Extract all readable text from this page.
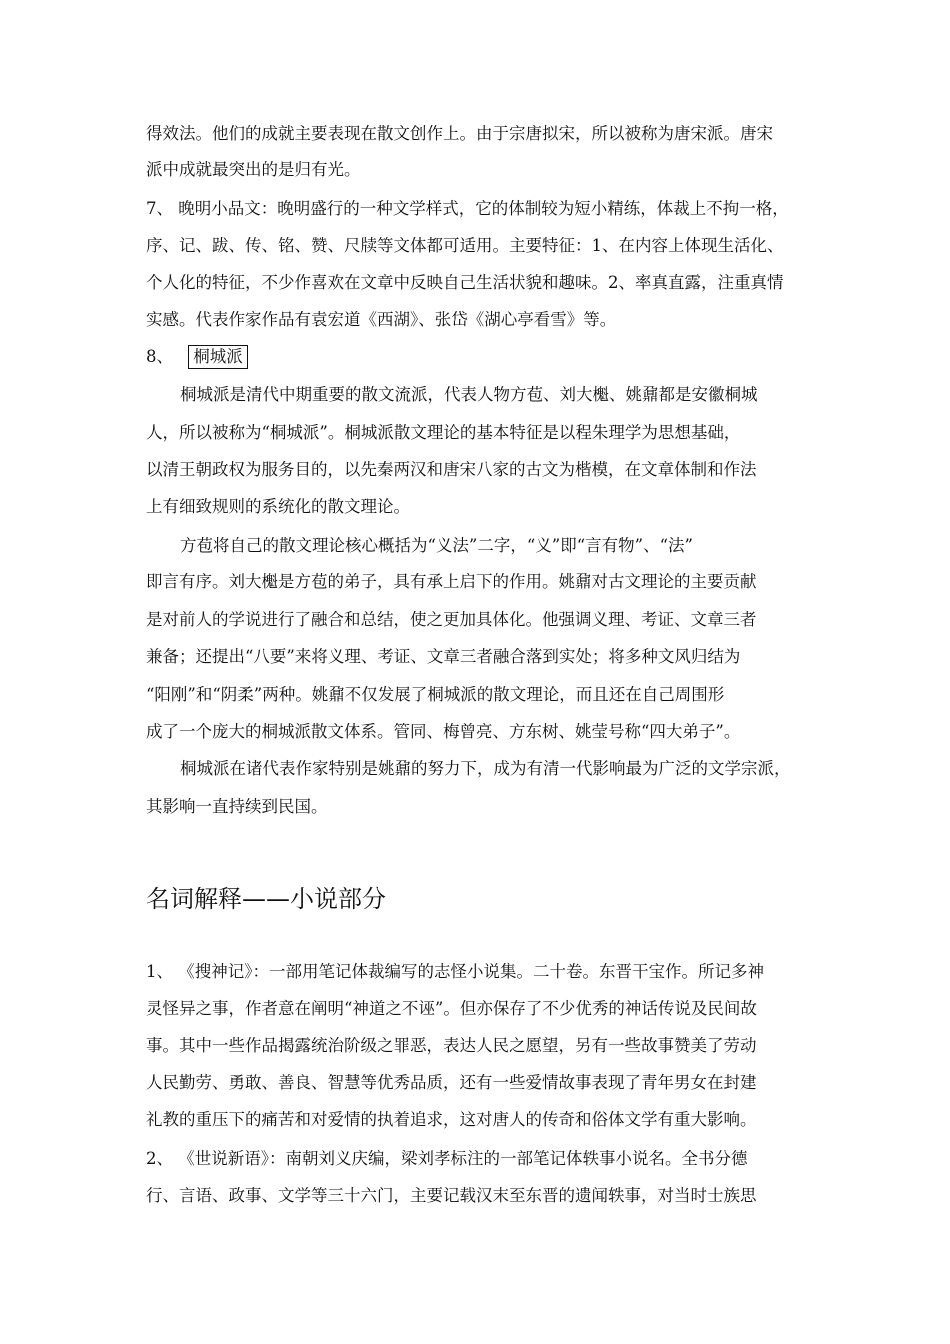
得效法。他们的成就主要表现在散文创作上。由于宗唐拟宋，所以被称为唐宋派。唐宋
派中成就最突出的是归有光。
7、 晚明小品文：晚明盛行的一种文学样式，它的体制较为短小精练，体裁上不拘一格，
序、记、跋、传、铭、赞、尺牍等文体都可适用。主要特征：1、在内容上体现生活化、
个人化的特征，不少作喜欢在文章中反映自己生活状貌和趣味。2、率真直露，注重真情
实感。代表作家作品有袁宏道《西湖》、张岱《湖心亭看雪》等。
8、 桐城派
桐城派是清代中期重要的散文流派，代表人物方苞、刘大櫆、姚鼐都是安徽桐城
人，所以被称为“桐城派”。桐城派散文理论的基本特征是以程朱理学为思想基础，
以清王朝政权为服务目的，以先秦两汉和唐宋八家的古文为楷模，在文章体制和作法
上有细致规则的系统化的散文理论。
方苞将自己的散文理论核心概括为“义法”二字，“义”即“言有物”、“法”
即言有序。刘大櫆是方苞的弟子，具有承上启下的作用。姚鼐对古文理论的主要贡献
是对前人的学说进行了融合和总结，使之更加具体化。他强调义理、考证、文章三者
兼备；还提出“八要”来将义理、考证、文章三者融合落到实处；将多种文风归结为
“阳刚”和“阴柔”两种。姚鼐不仅发展了桐城派的散文理论，而且还在自己周围形
成了一个庞大的桐城派散文体系。管同、梅曾亮、方东树、姚莹号称“四大弟子”。
桐城派在诸代表作家特别是姚鼐的努力下，成为有清一代影响最为广泛的文学宗派，
其影响一直持续到民国。
名词解释——小说部分
1、 《搜神记》：一部用笔记体裁编写的志怪小说集。二十卷。东晋干宝作。所记多神
灵怪异之事，作者意在阐明“神道之不诬”。但亦保存了不少优秀的神话传说及民间故
事。其中一些作品揭露统治阶级之罪恶，表达人民之愿望，另有一些故事赞美了劳动
人民勤劳、勇敢、善良、智慧等优秀品质，还有一些爱情故事表现了青年男女在封建
礼教的重压下的痛苦和对爱情的执着追求，这对唐人的传奇和俗体文学有重大影响。
2、 《世说新语》：南朝刘义庆编，梁刘孝标注的一部笔记体轶事小说名。全书分德
行、言语、政事、文学等三十六门，主要记载汉末至东晋的遗闻轶事，对当时士族思
